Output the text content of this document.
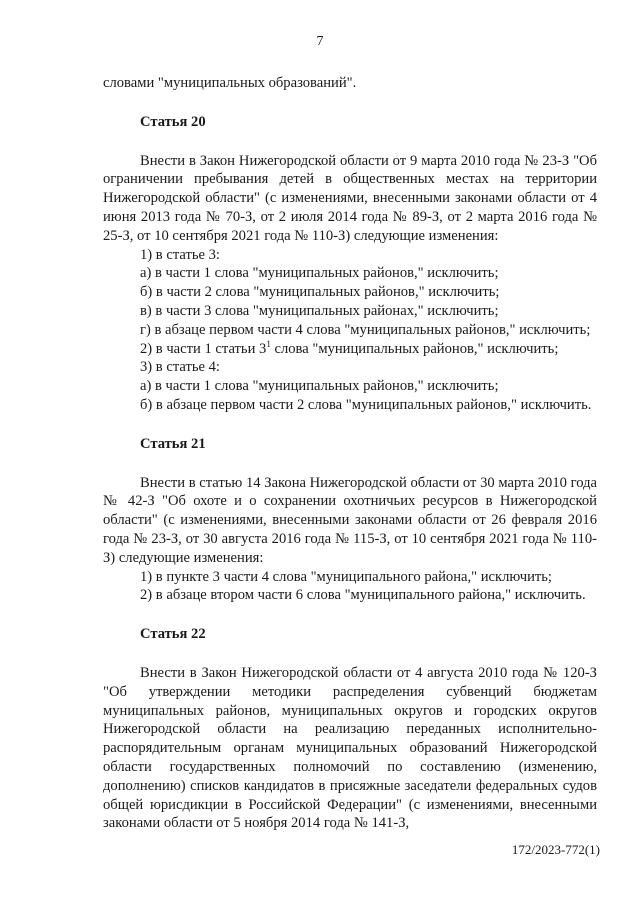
7

словами "муниципальных образований".

Статья 20

Внести в Закон Нижегородской области от 9 марта 2010 года № 23-З "Об ограничении пребывания детей в общественных местах на территории Нижегородской области" (с изменениями, внесенными законами области от 4 июня 2013 года № 70-З, от 2 июля 2014 года № 89-З, от 2 марта 2016 года № 25-З, от 10 сентября 2021 года № 110-З) следующие изменения:

1) в статье 3:

а) в части 1 слова "муниципальных районов," исключить;

б) в части 2 слова "муниципальных районов," исключить;

в) в части 3 слова "муниципальных районах," исключить;

г) в абзаце первом части 4 слова "муниципальных районов," исключить;

2) в части 1 статьи $3^1$ слова "муниципальных районов," исключить;

3) в статье 4:

а) в части 1 слова "муниципальных районов," исключить;

б) в абзаце первом части 2 слова "муниципальных районов," исключить.

Статья 21

Внести в статью 14 Закона Нижегородской области от 30 марта 2010 года № 42-З "Об охоте и о сохранении охотничьих ресурсов в Нижегородской области" (с изменениями, внесенными законами области от 26 февраля 2016 года № 23-З, от 30 августа 2016 года № 115-З, от 10 сентября 2021 года № 110-З) следующие изменения:

1) в пункте 3 части 4 слова "муниципального района," исключить;

2) в абзаце втором части 6 слова "муниципального района," исключить.

Статья 22

Внести в Закон Нижегородской области от 4 августа 2010 года № 120-З "Об утверждении методики распределения субвенций бюджетам муниципальных районов, муниципальных округов и городских округов Нижегородской области на реализацию переданных исполнительно-распорядительным органам муниципальных образований Нижегородской области государственных полномочий по составлению (изменению, дополнению) списков кандидатов в присяжные заседатели федеральных судов общей юрисдикции в Российской Федерации" (с изменениями, внесенными законами области от 5 ноября 2014 года № 141-З,

172/2023-772(1)
